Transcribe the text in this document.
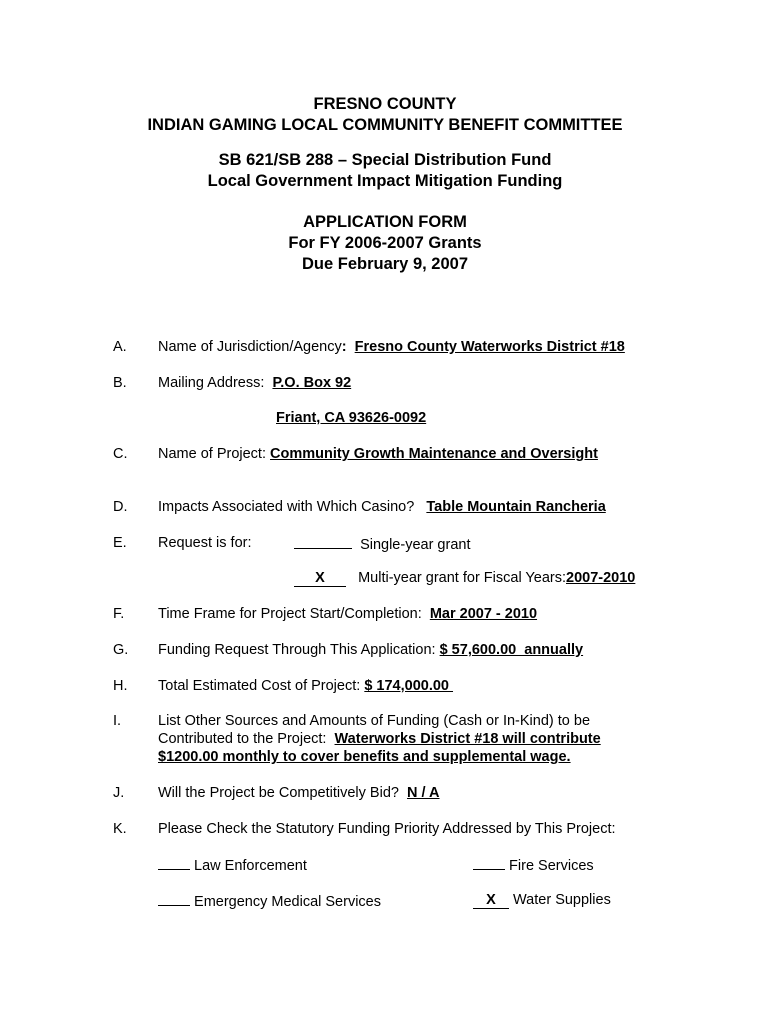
FRESNO COUNTY
INDIAN GAMING LOCAL COMMUNITY BENEFIT COMMITTEE
SB 621/SB 288 – Special Distribution Fund
Local Government Impact Mitigation Funding
APPLICATION FORM
For FY 2006-2007 Grants
Due February 9, 2007
A. Name of Jurisdiction/Agency: Fresno County Waterworks District #18
B. Mailing Address: P.O. Box 92
Friant, CA 93626-0092
C. Name of Project: Community Growth Maintenance and Oversight
D. Impacts Associated with Which Casino? Table Mountain Rancheria
E. Request is for:	Single-year grant
X Multi-year grant for Fiscal Years:2007-2010
F. Time Frame for Project Start/Completion: Mar 2007 - 2010
G. Funding Request Through This Application: $ 57,600.00  annually
H. Total Estimated Cost of Project: $ 174,000.00
I.	List Other Sources and Amounts of Funding (Cash or In-Kind) to be
Contributed to the Project: Waterworks District #18 will contribute
$1200.00 monthly to cover benefits and supplemental wage.
J. Will the Project be Competitively Bid? N / A
K. Please Check the Statutory Funding Priority Addressed by This Project:
Law Enforcement	Fire Services
Emergency Medical Services	X Water Supplies
